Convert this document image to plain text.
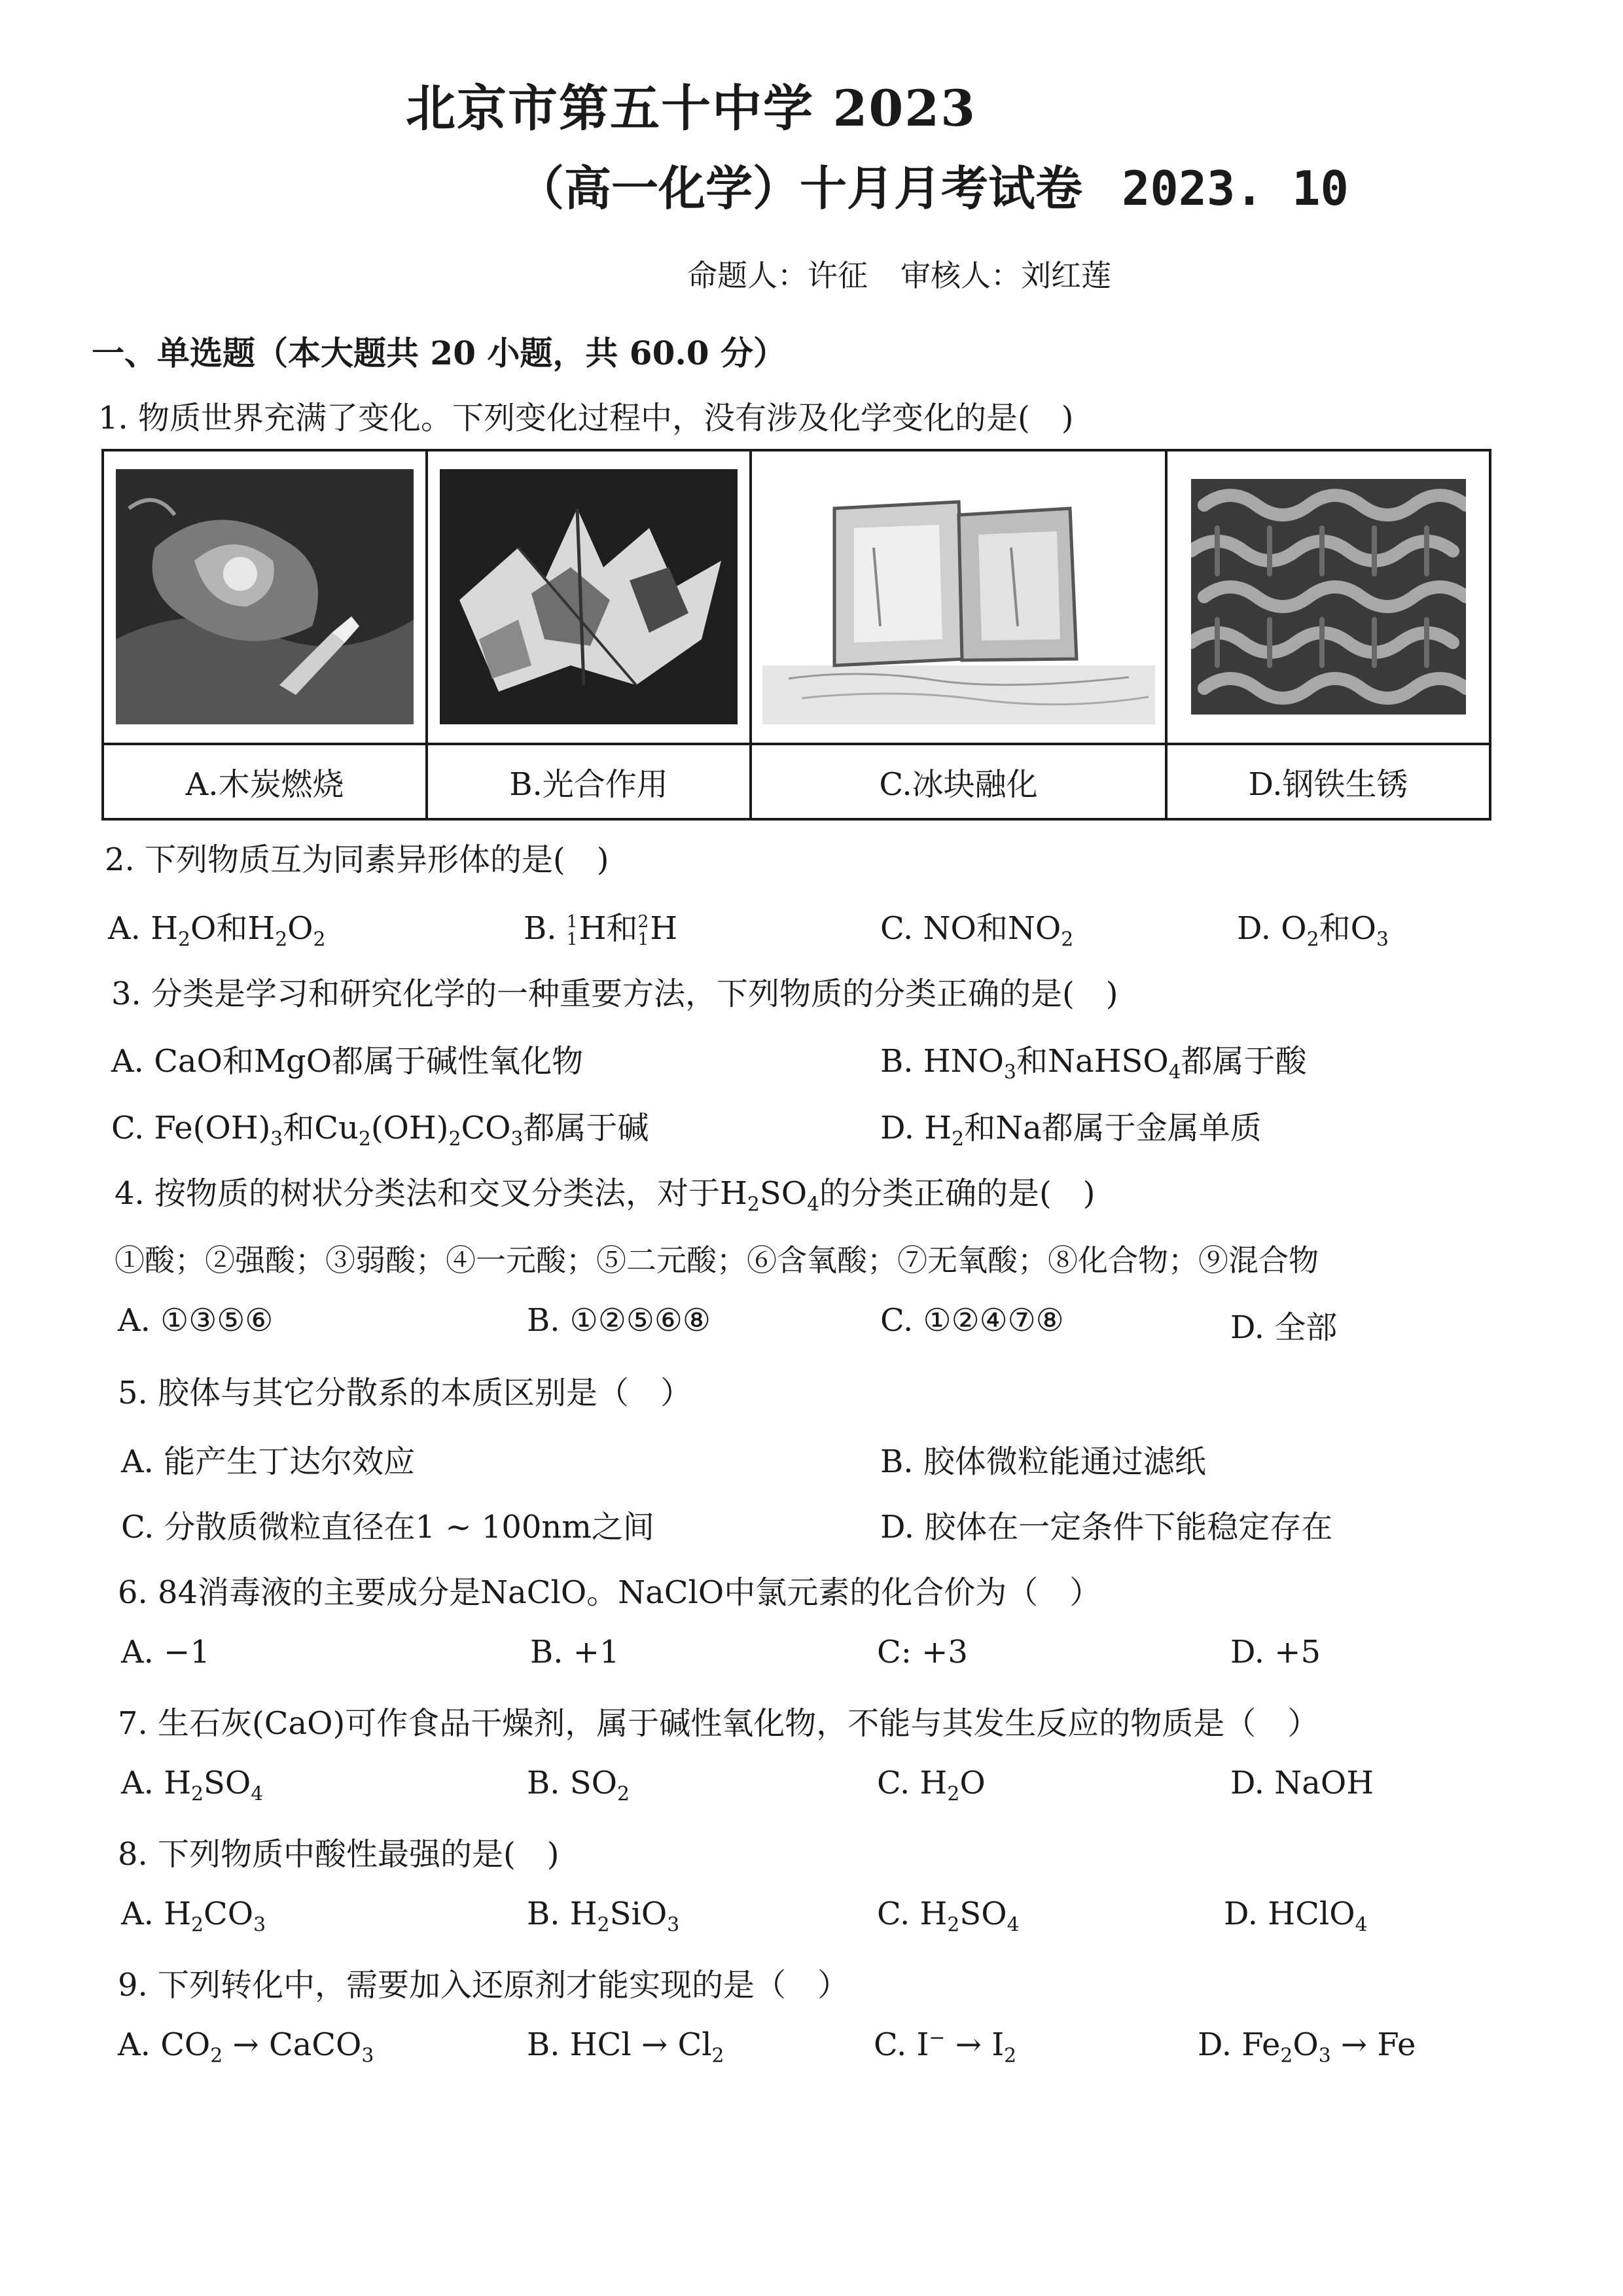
北京市第五十中学 2023
（高一化学）十月月考试卷 2023. 10
命题人：许征 审核人：刘红莲
一、单选题（本大题共 20 小题，共 60.0 分）
1. 物质世界充满了变化。下列变化过程中，没有涉及化学变化的是(　)

A.木炭燃烧	B.光合作用	C.冰块融化	D.钢铁生锈
2. 下列物质互为同素异形体的是(　)
A. $H_2O$和$H_2O_2$	B. 1
1 H和 2
1 H	C. NO和$NO_2$	D. $O_2$和$O_3$
3. 分类是学习和研究化学的一种重要方法，下列物质的分类正确的是(　)
A. CaO和MgO都属于碱性氧化物	B. $HNO_3$和NaHSO$_4$都属于酸
C. $Fe(OH)_3$和$Cu_2(OH)_2CO_3$都属于碱	D. $H_2$和Na都属于金属单质
4. 按物质的树状分类法和交叉分类法，对于$H_2SO_4$的分类正确的是(　)
①酸；②强酸；③弱酸；④一元酸；⑤二元酸；⑥含氧酸；⑦无氧酸；⑧化合物；⑨混合物
A. ①③⑤⑥	B. ①②⑤⑥⑧	C. ①②④⑦⑧	D. 全部
5. 胶体与其它分散系的本质区别是（　）
A. 能产生丁达尔效应	B. 胶体微粒能通过滤纸
C. 分散质微粒直径在1 ~ 100nm之间	D. 胶体在一定条件下能稳定存在
6. 84消毒液的主要成分是NaClO。NaClO中氯元素的化合价为（　）
A. −1	B. +1	C: +3	D. +5
7. 生石灰(CaO)可作食品干燥剂，属于碱性氧化物，不能与其发生反应的物质是（　）
A. $H_2SO_4$	B. $SO_2$	C. $H_2O$	D. NaOH
8. 下列物质中酸性最强的是(　)
A. $H_2CO_3$	B. $H_2SiO_3$	C. $H_2SO_4$	D. HClO$_4$
9. 下列转化中，需要加入还原剂才能实现的是（　）
A. $CO_2$ → CaCO$_3$	B. HCl → $Cl_2$	C. $I^- \to I_2$	D. $Fe_2O_3 \to Fe$
